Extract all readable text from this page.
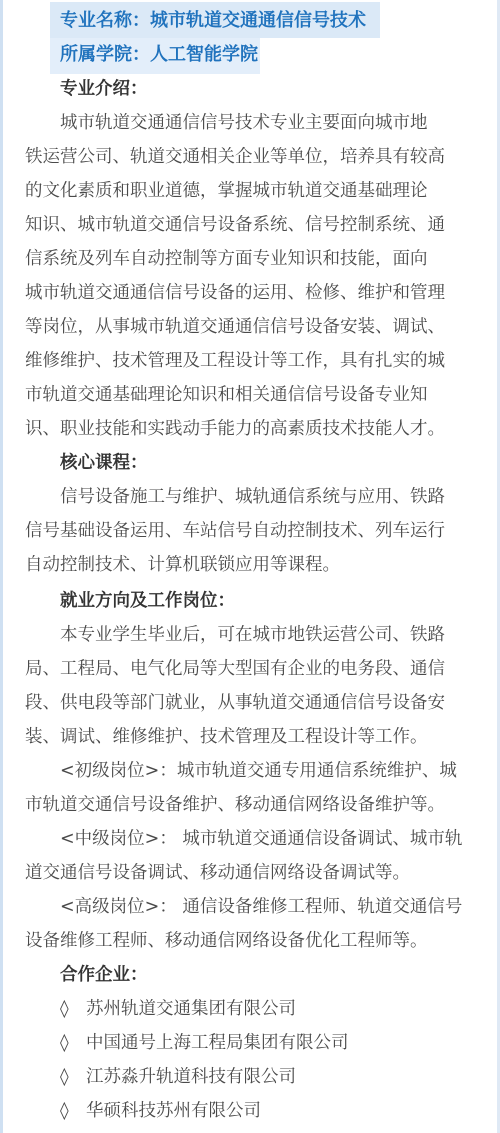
专业名称：城市轨道交通通信信号技术
所属学院：人工智能学院
专业介绍：
城市轨道交通通信信号技术专业主要面向城市地
铁运营公司、轨道交通相关企业等单位，培养具有较高
的文化素质和职业道德，掌握城市轨道交通基础理论
知识、城市轨道交通信号设备系统、信号控制系统、通
信系统及列车自动控制等方面专业知识和技能，面向
城市轨道交通通信信号设备的运用、检修、维护和管理
等岗位，从事城市轨道交通通信信号设备安装、调试、
维修维护、技术管理及工程设计等工作，具有扎实的城
市轨道交通基础理论知识和相关通信信号设备专业知
识、职业技能和实践动手能力的高素质技术技能人才。
核心课程：
信号设备施工与维护、城轨通信系统与应用、铁路
信号基础设备运用、车站信号自动控制技术、列车运行
自动控制技术、计算机联锁应用等课程。
就业方向及工作岗位：
本专业学生毕业后，可在城市地铁运营公司、铁路
局、工程局、电气化局等大型国有企业的电务段、通信
段、供电段等部门就业，从事轨道交通通信信号设备安
装、调试、维修维护、技术管理及工程设计等工作。
<初级岗位>：城市轨道交通专用通信系统维护、城
市轨道交通信号设备维护、移动通信网络设备维护等。
<中级岗位>： 城市轨道交通通信设备调试、城市轨
道交通信号设备调试、移动通信网络设备调试等。
<高级岗位>： 通信设备维修工程师、轨道交通信号
设备维修工程师、移动通信网络设备优化工程师等。
合作企业：
◊ 苏州轨道交通集团有限公司
◊ 中国通号上海工程局集团有限公司
◊ 江苏淼升轨道科技有限公司
◊ 华硕科技苏州有限公司
